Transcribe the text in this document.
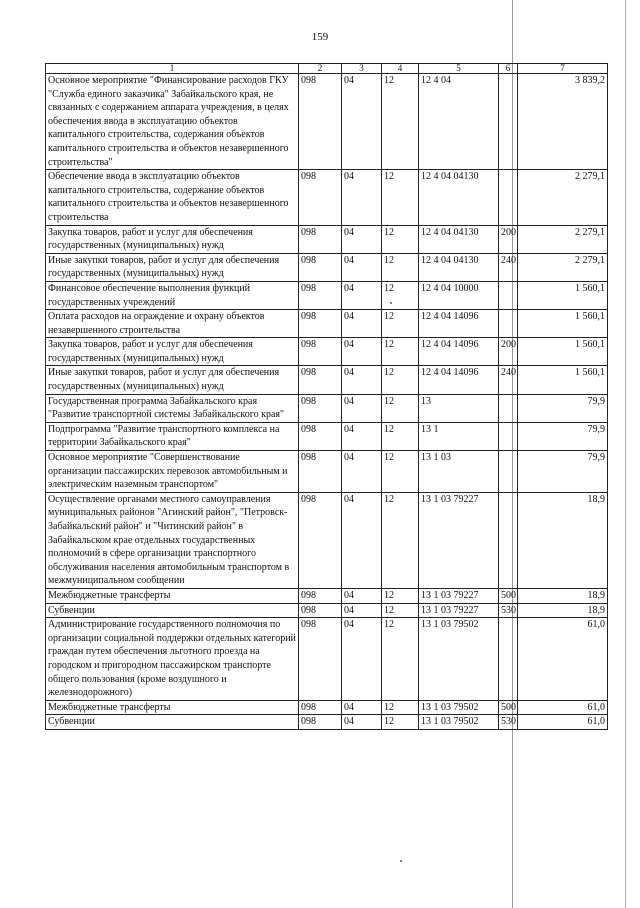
159
1	2	3	4	5	6	7
Основное мероприятие "Финансирование расходов ГКУ "Служба единого заказчика" Забайкальского края, не связанных с содержанием аппарата учреждения, в целях обеспечения ввода в эксплуатацию объектов капитального строительства, содержания объектов капитального строительства и объектов незавершенного строительства"	098	04	12	12 4 04		3 839,2
Обеспечение ввода в эксплуатацию объектов капитального строительства, содержание объектов капитального строительства и объектов незавершенного строительства	098	04	12	12 4 04 04130		2 279,1
Закупка товаров, работ и услуг для обеспечения государственных (муниципальных) нужд	098	04	12	12 4 04 04130	200	2 279,1
Иные закупки товаров, работ и услуг для обеспечения государственных (муниципальных) нужд	098	04	12	12 4 04 04130	240	2 279,1
Финансовое обеспечение выполнения функций государственных учреждений	098	04	12	12 4 04 10000		1 560,1
Оплата расходов на ограждение и охрану объектов незавершенного строительства	098	04	12	12 4 04 14096		1 560,1
Закупка товаров, работ и услуг для обеспечения государственных (муниципальных) нужд	098	04	12	12 4 04 14096	200	1 560,1
Иные закупки товаров, работ и услуг для обеспечения государственных (муниципальных) нужд	098	04	12	12 4 04 14096	240	1 560,1
Государственная программа Забайкальского края "Развитие транспортной системы Забайкальского края"	098	04	12	13		79,9
Подпрограмма "Развитие транспортного комплекса на территории Забайкальского края"	098	04	12	13 1		79,9
Основное мероприятие "Совершенствование организации пассажирских перевозок автомобильным и электрическим наземным транспортом"	098	04	12	13 1 03		79,9
Осуществление органами местного самоуправления муниципальных районов "Агинский район", "Петровск-Забайкальский район" и "Читинский район" в Забайкальском крае отдельных государственных полномочий в сфере организации транспортного обслуживания населения автомобильным транспортом в межмуниципальном сообщении	098	04	12	13 1 03 79227		18,9
Межбюджетные трансферты	098	04	12	13 1 03 79227	500	18,9
Субвенции	098	04	12	13 1 03 79227	530	18,9
Администрирование государственного полномочия по организации социальной поддержки отдельных категорий граждан путем обеспечения льготного проезда на городском и пригородном пассажирском транспорте общего пользования (кроме воздушного и железнодорожного)	098	04	12	13 1 03 79502		61,0
Межбюджетные трансферты	098	04	12	13 1 03 79502	500	61,0
Субвенции	098	04	12	13 1 03 79502	530	61,0
